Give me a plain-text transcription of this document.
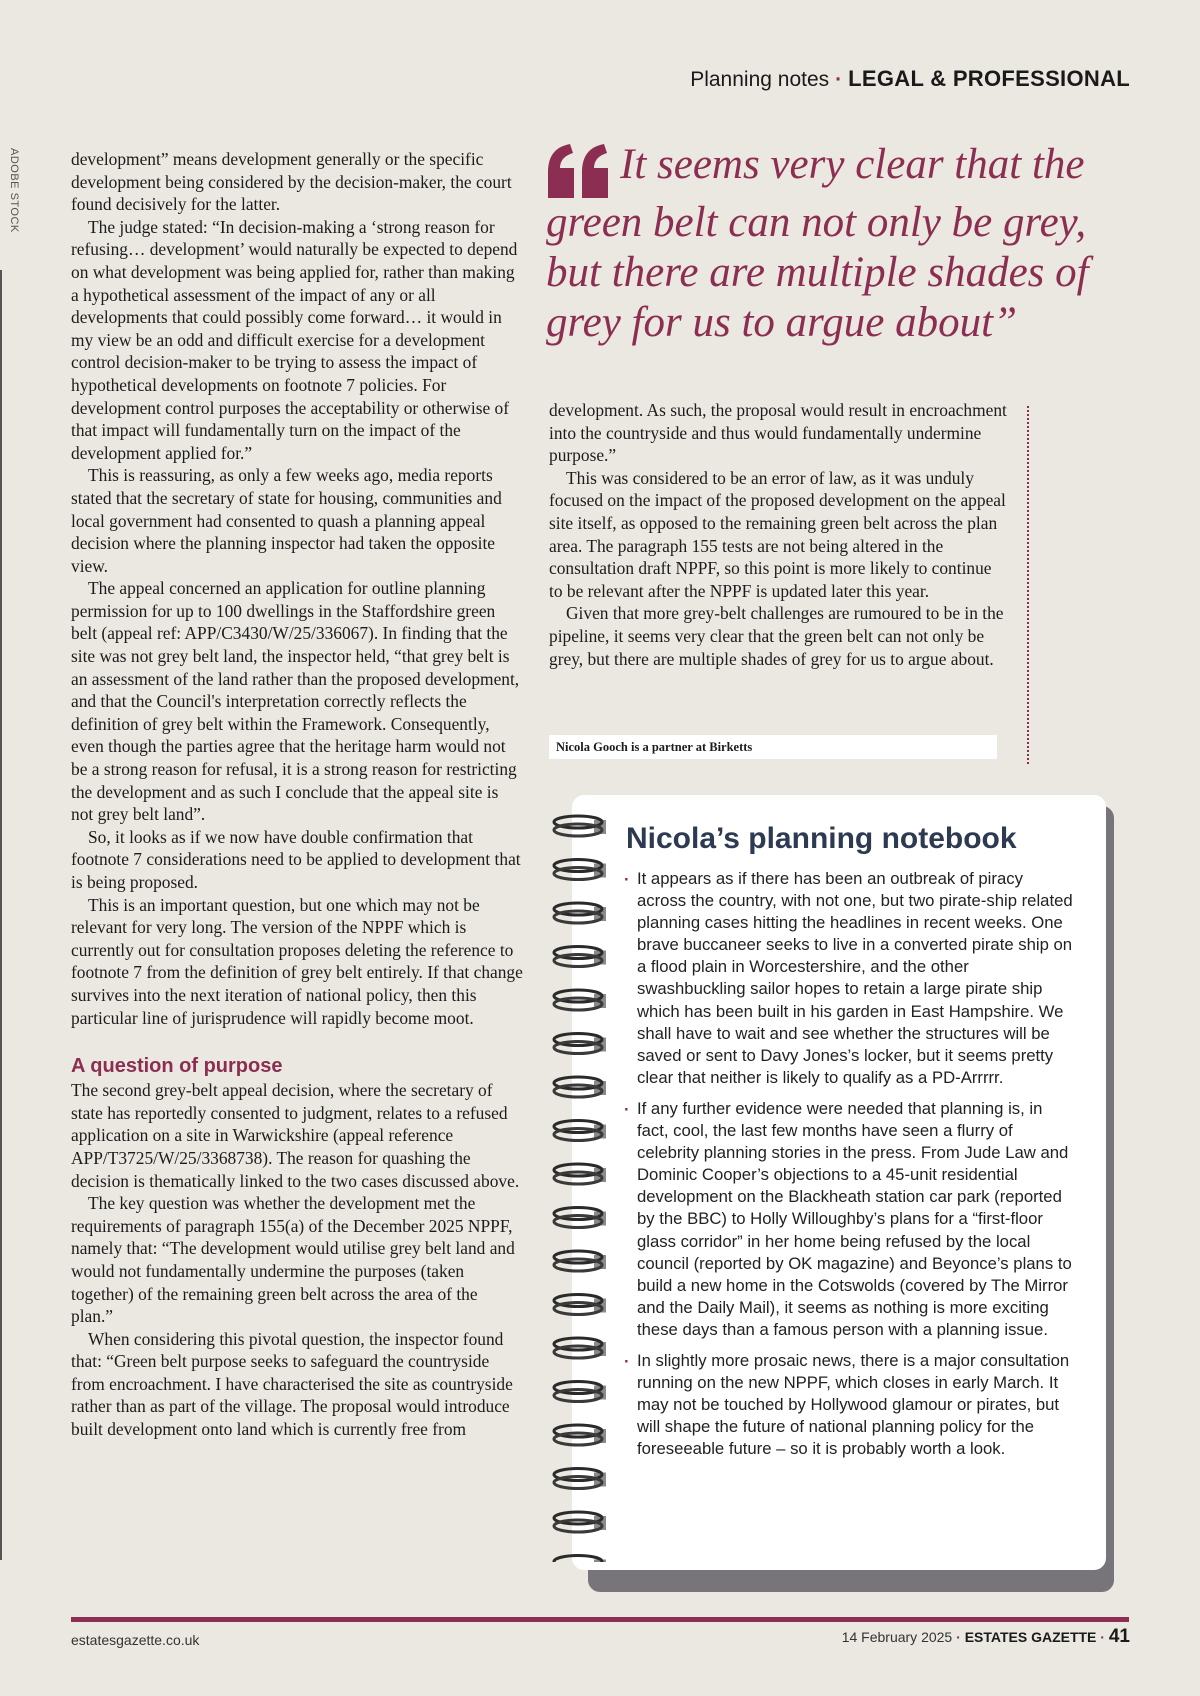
Planning notes · LEGAL & PROFESSIONAL
ADOBE STOCK	development” means development generally or the specific development being considered by the decision-maker, the court found decisively for the latter.

The judge stated: “In decision-making a ‘strong reason for refusing… development’ would naturally be expected to depend on what development was being applied for, rather than making a hypothetical assessment of the impact of any or all developments that could possibly come forward… it would in my view be an odd and difficult exercise for a development control decision-maker to be trying to assess the impact of hypothetical developments on footnote 7 policies. For development control purposes the acceptability or otherwise of that impact will fundamentally turn on the impact of the development applied for.”

This is reassuring, as only a few weeks ago, media reports stated that the secretary of state for housing, communities and local government had consented to quash a planning appeal decision where the planning inspector had taken the opposite view.

The appeal concerned an application for outline planning permission for up to 100 dwellings in the Staffordshire green belt (appeal ref: APP/C3430/W/25/336067). In finding that the site was not grey belt land, the inspector held, “that grey belt is an assessment of the land rather than the proposed development, and that the Council's interpretation correctly reflects the definition of grey belt within the Framework. Consequently, even though the parties agree that the heritage harm would not be a strong reason for refusal, it is a strong reason for restricting the development and as such I conclude that the appeal site is not grey belt land”.

So, it looks as if we now have double confirmation that footnote 7 considerations need to be applied to development that is being proposed.

This is an important question, but one which may not be relevant for very long. The version of the NPPF which is currently out for consultation proposes deleting the reference to footnote 7 from the definition of grey belt entirely. If that change survives into the next iteration of national policy, then this particular line of jurisprudence will rapidly become moot.

A question of purpose

The second grey-belt appeal decision, where the secretary of state has reportedly consented to judgment, relates to a refused application on a site in Warwickshire (appeal reference APP/T3725/W/25/3368738). The reason for quashing the decision is thematically linked to the two cases discussed above.

The key question was whether the development met the requirements of paragraph 155(a) of the December 2025 NPPF, namely that: “The development would utilise grey belt land and would not fundamentally undermine the purposes (taken together) of the remaining green belt across the area of the plan.”

When considering this pivotal question, the inspector found that: “Green belt purpose seeks to safeguard the countryside from encroachment. I have characterised the site as countryside rather than as part of the village. The proposal would introduce built development onto land which is currently free from

It seems very clear that the green belt can not only be grey, but there are multiple shades of grey for us to argue about”

development. As such, the proposal would result in encroachment into the countryside and thus would fundamentally undermine purpose.”

This was considered to be an error of law, as it was unduly focused on the impact of the proposed development on the appeal site itself, as opposed to the remaining green belt across the plan area. The paragraph 155 tests are not being altered in the consultation draft NPPF, so this point is more likely to continue to be relevant after the NPPF is updated later this year.

Given that more grey-belt challenges are rumoured to be in the pipeline, it seems very clear that the green belt can not only be grey, but there are multiple shades of grey for us to argue about.

Nicola Gooch is a partner at Birketts
Nicola’s planning notebook
· It appears as if there has been an outbreak of piracy across the country, with not one, but two pirate-ship related planning cases hitting the headlines in recent weeks. One brave buccaneer seeks to live in a converted pirate ship on a flood plain in Worcestershire, and the other swashbuckling sailor hopes to retain a large pirate ship which has been built in his garden in East Hampshire. We shall have to wait and see whether the structures will be saved or sent to Davy Jones’s locker, but it seems pretty clear that neither is likely to qualify as a PD-Arrrrr.
· If any further evidence were needed that planning is, in fact, cool, the last few months have seen a flurry of celebrity planning stories in the press. From Jude Law and Dominic Cooper’s objections to a 45-unit residential development on the Blackheath station car park (reported by the BBC) to Holly Willoughby’s plans for a “first-floor glass corridor” in her home being refused by the local council (reported by OK magazine) and Beyonce’s plans to build a new home in the Cotswolds (covered by The Mirror and the Daily Mail), it seems as nothing is more exciting these days than a famous person with a planning issue.
· In slightly more prosaic news, there is a major consultation running on the new NPPF, which closes in early March. It may not be touched by Hollywood glamour or pirates, but will shape the future of national planning policy for the foreseeable future – so it is probably worth a look.
estatesgazette.co.uk	14 February 2025 · ESTATES GAZETTE · 41
